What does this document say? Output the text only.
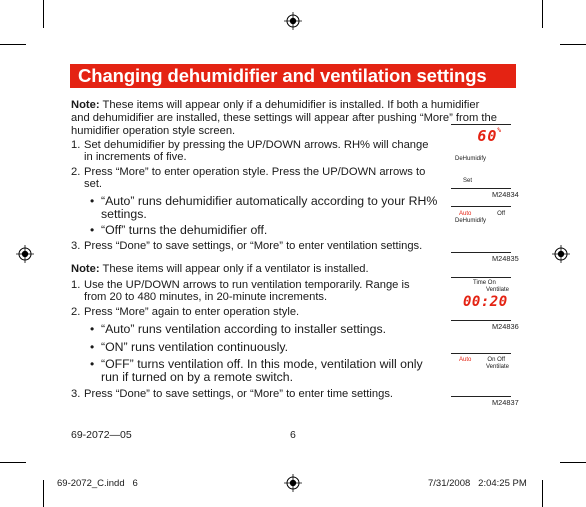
Changing dehumidifier and ventilation settings
Note: These items will appear only if a dehumidifier is installed. If both a humidifier
and dehumidifier are installed, these settings will appear after pushing “More” from the
humidifier operation style screen.
1. Set dehumidifier by pressing the UP/DOWN arrows. RH% will change
in increments of five.
2. Press “More” to enter operation style. Press the UP/DOWN arrows to
set.
• “Auto” runs dehumidifier automatically according to your RH%
settings.
• “Off” turns the dehumidifier off.
3. Press “Done” to save settings, or “More” to enter ventilation settings.
Note: These items will appear only if a ventilator is installed.
1. Use the UP/DOWN arrows to run ventilation temporarily. Range is
from 20 to 480 minutes, in 20-minute increments.
2. Press “More” again to enter operation style.
• “Auto” runs ventilation according to installer settings.
• “ON” runs ventilation continuously.
• “OFF” turns ventilation off. In this mode, ventilation will only
run if turned on by a remote switch.
3. Press “Done” to save settings, or “More” to enter time settings.
60%
DeHumidify
Set
M24834
Auto	Off
DeHumidify
M24835
Time On
Ventilate
00:20
M24836
Auto	On Off
Ventilate
M24837
69-2072—05	6
69-2072_C.indd   6	7/31/2008   2:04:25 PM
